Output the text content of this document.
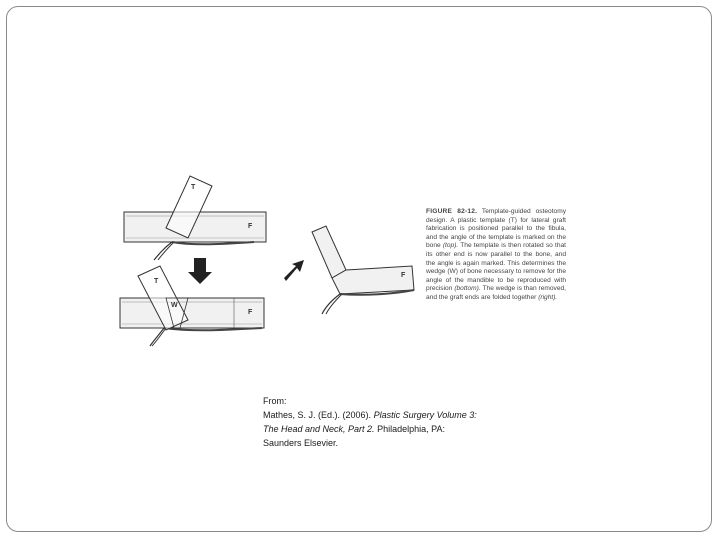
T
F
T
W
F
F
FIGURE 82-12. Template-guided osteotomy design. A plastic template (T) for lateral graft fabrication is positioned parallel to the fibula, and the angle of the template is marked on the bone (top). The template is then rotated so that its other end is now parallel to the bone, and the angle is again marked. This determines the wedge (W) of bone necessary to remove for the angle of the mandible to be reproduced with precision (bottom). The wedge is than removed, and the graft ends are folded together (right).
From:
Mathes, S. J. (Ed.). (2006). Plastic Surgery Volume 3:
The Head and Neck, Part 2. Philadelphia, PA:
Saunders Elsevier.
